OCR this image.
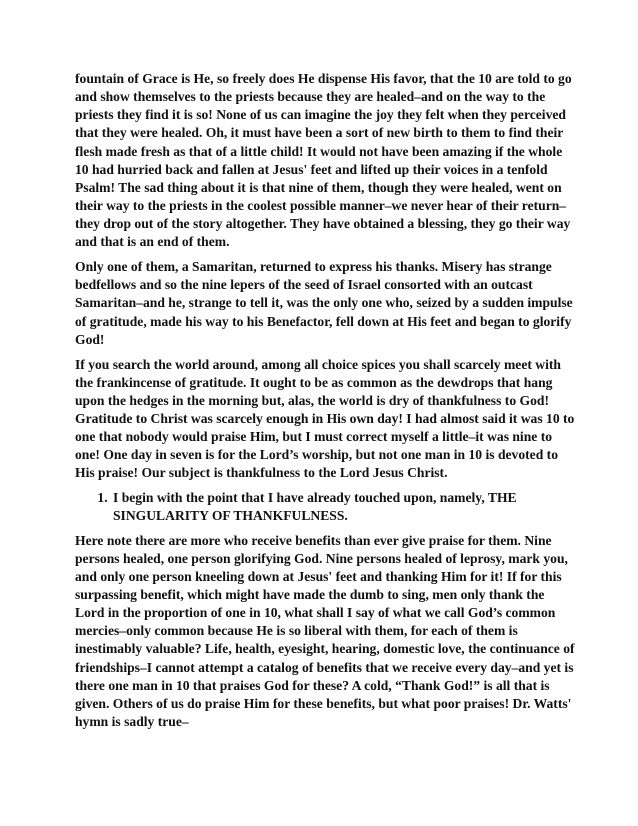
fountain of Grace is He, so freely does He dispense His favor, that the 10 are told to go and show themselves to the priests because they are healed–and on the way to the priests they find it is so! None of us can imagine the joy they felt when they perceived that they were healed. Oh, it must have been a sort of new birth to them to find their flesh made fresh as that of a little child! It would not have been amazing if the whole 10 had hurried back and fallen at Jesus' feet and lifted up their voices in a tenfold Psalm! The sad thing about it is that nine of them, though they were healed, went on their way to the priests in the coolest possible manner–we never hear of their return–they drop out of the story altogether. They have obtained a blessing, they go their way and that is an end of them.

Only one of them, a Samaritan, returned to express his thanks. Misery has strange bedfellows and so the nine lepers of the seed of Israel consorted with an outcast Samaritan–and he, strange to tell it, was the only one who, seized by a sudden impulse of gratitude, made his way to his Benefactor, fell down at His feet and began to glorify God!

If you search the world around, among all choice spices you shall scarcely meet with the frankincense of gratitude. It ought to be as common as the dewdrops that hang upon the hedges in the morning but, alas, the world is dry of thankfulness to God! Gratitude to Christ was scarcely enough in His own day! I had almost said it was 10 to one that nobody would praise Him, but I must correct myself a little–it was nine to one! One day in seven is for the Lord’s worship, but not one man in 10 is devoted to His praise! Our subject is thankfulness to the Lord Jesus Christ.

1. I begin with the point that I have already touched upon, namely, THE SINGULARITY OF THANKFULNESS.

Here note there are more who receive benefits than ever give praise for them. Nine persons healed, one person glorifying God. Nine persons healed of leprosy, mark you, and only one person kneeling down at Jesus' feet and thanking Him for it! If for this surpassing benefit, which might have made the dumb to sing, men only thank the Lord in the proportion of one in 10, what shall I say of what we call God’s common mercies–only common because He is so liberal with them, for each of them is inestimably valuable? Life, health, eyesight, hearing, domestic love, the continuance of friendships–I cannot attempt a catalog of benefits that we receive every day–and yet is there one man in 10 that praises God for these? A cold, “Thank God!” is all that is given. Others of us do praise Him for these benefits, but what poor praises! Dr. Watts' hymn is sadly true–
